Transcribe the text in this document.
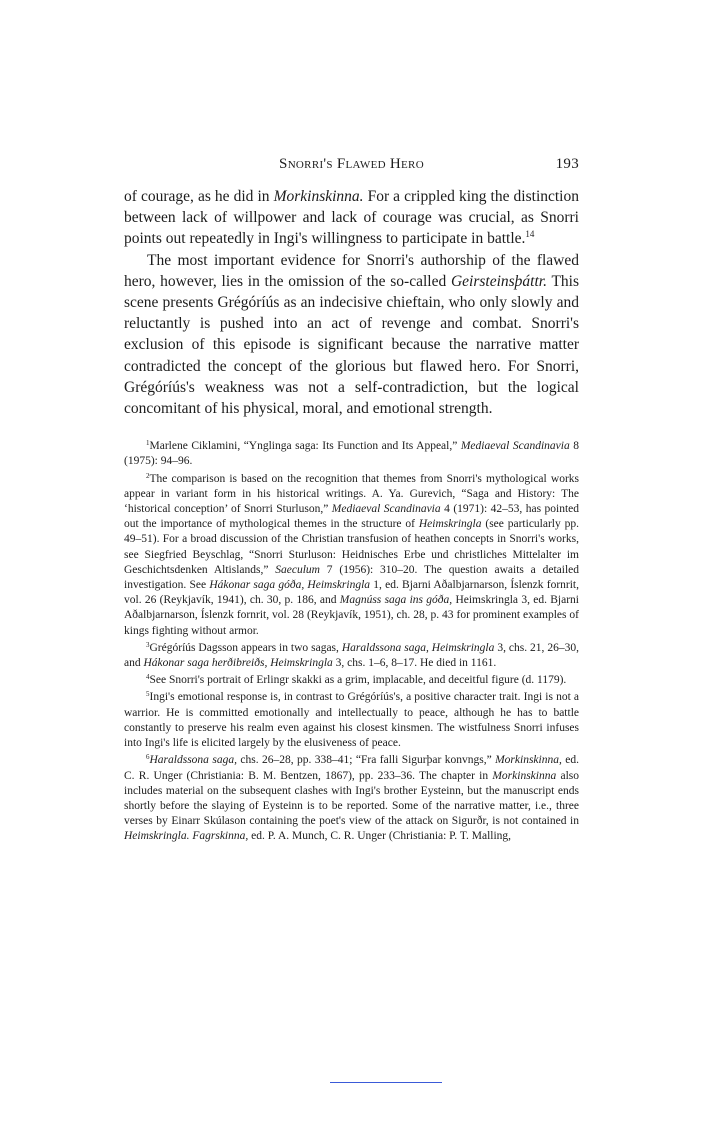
Snorri's Flawed Hero	193

of courage, as he did in Morkinskinna. For a crippled king the distinction between lack of willpower and lack of courage was crucial, as Snorri points out repeatedly in Ingi's willingness to participate in battle.$^{14}$

The most important evidence for Snorri's authorship of the flawed hero, however, lies in the omission of the so-called Geirsteinsþáttr. This scene presents Grégóríús as an indecisive chieftain, who only slowly and reluctantly is pushed into an act of revenge and combat. Snorri's exclusion of this episode is significant because the narrative matter contradicted the concept of the glorious but flawed hero. For Snorri, Grégóríús's weakness was not a self-contradiction, but the logical concomitant of his physical, moral, and emotional strength.

$^1$Marlene Ciklamini, “Ynglinga saga: Its Function and Its Appeal,” Mediaeval Scandinavia 8 (1975): 94–96.

$^2$The comparison is based on the recognition that themes from Snorri's mythological works appear in variant form in his historical writings. A. Ya. Gurevich, “Saga and History: The ‘historical conception’ of Snorri Sturluson,” Mediaeval Scandinavia 4 (1971): 42–53, has pointed out the importance of mythological themes in the structure of Heimskringla (see particularly pp. 49–51). For a broad discussion of the Christian transfusion of heathen concepts in Snorri's works, see Siegfried Beyschlag, “Snorri Sturluson: Heidnisches Erbe und christliches Mittelalter im Geschichtsdenken Altislands,” Saeculum 7 (1956): 310–20. The question awaits a detailed investigation. See Hákonar saga góða, Heimskringla 1, ed. Bjarni Aðalbjarnarson, Íslenzk fornrit, vol. 26 (Reykjavík, 1941), ch. 30, p. 186, and Magnúss saga ins góða, Heimskringla 3, ed. Bjarni Aðalbjarnarson, Íslenzk fornrit, vol. 28 (Reykjavík, 1951), ch. 28, p. 43 for prominent examples of kings fighting without armor.

$^3$Grégóríús Dagsson appears in two sagas, Haraldssona saga, Heimskringla 3, chs. 21, 26–30, and Hákonar saga herðibreiðs, Heimskringla 3, chs. 1–6, 8–17. He died in 1161.

$^4$See Snorri's portrait of Erlingr skakki as a grim, implacable, and deceitful figure (d. 1179).

$^5$Ingi's emotional response is, in contrast to Grégóríús's, a positive character trait. Ingi is not a warrior. He is committed emotionally and intellectually to peace, although he has to battle constantly to preserve his realm even against his closest kinsmen. The wistfulness Snorri infuses into Ingi's life is elicited largely by the elusiveness of peace.

$^6$Haraldssona saga, chs. 26–28, pp. 338–41; “Fra falli Sigurþar konvngs,” Morkinskinna, ed. C. R. Unger (Christiania: B. M. Bentzen, 1867), pp. 233–36. The chapter in Morkinskinna also includes material on the subsequent clashes with Ingi's brother Eysteinn, but the manuscript ends shortly before the slaying of Eysteinn is to be reported. Some of the narrative matter, i.e., three verses by Einarr Skúlason containing the poet's view of the attack on Sigurðr, is not contained in Heimskringla. Fagrskinna, ed. P. A. Munch, C. R. Unger (Christiania: P. T. Malling,
